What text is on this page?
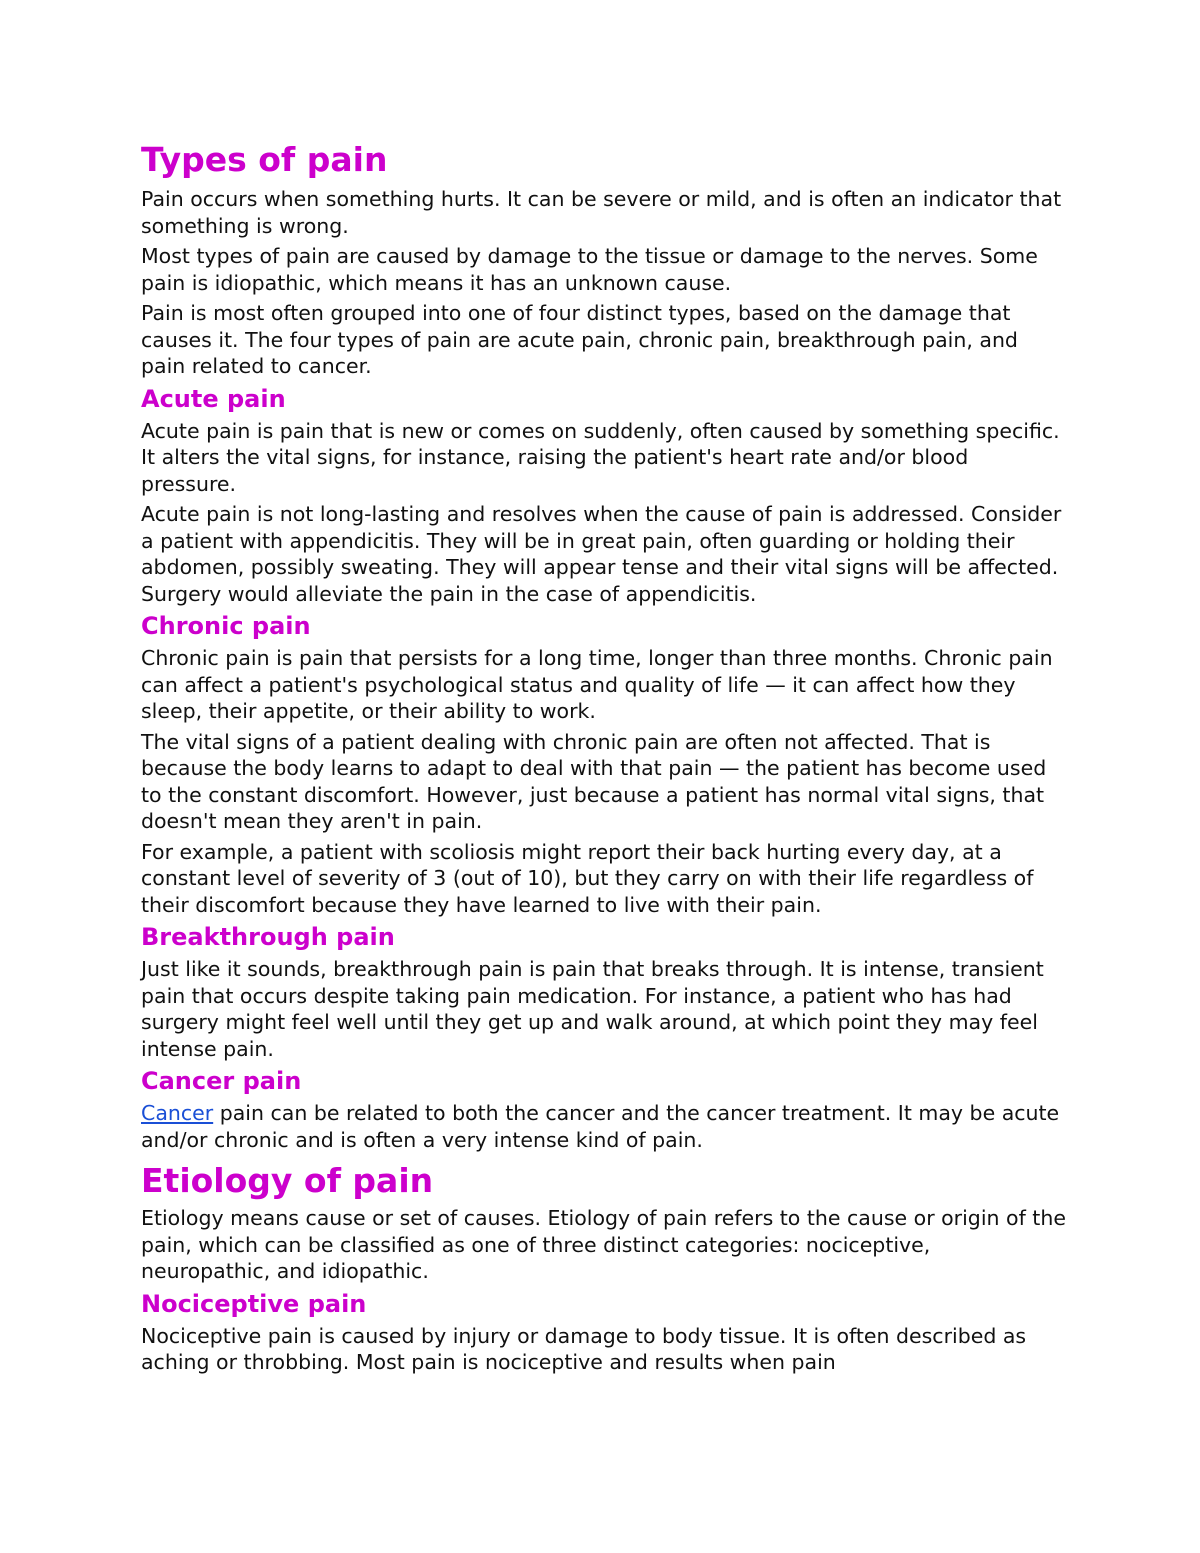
Types of pain
Pain occurs when something hurts. It can be severe or mild, and is often an indicator that something is wrong.
Most types of pain are caused by damage to the tissue or damage to the nerves. Some pain is idiopathic, which means it has an unknown cause.
Pain is most often grouped into one of four distinct types, based on the damage that causes it. The four types of pain are acute pain, chronic pain, breakthrough pain, and pain related to cancer.
Acute pain
Acute pain is pain that is new or comes on suddenly, often caused by something specific. It alters the vital signs, for instance, raising the patient's heart rate and/or blood pressure.
Acute pain is not long-lasting and resolves when the cause of pain is addressed. Consider a patient with appendicitis. They will be in great pain, often guarding or holding their abdomen, possibly sweating. They will appear tense and their vital signs will be affected. Surgery would alleviate the pain in the case of appendicitis.
Chronic pain
Chronic pain is pain that persists for a long time, longer than three months. Chronic pain can affect a patient's psychological status and quality of life — it can affect how they sleep, their appetite, or their ability to work.
The vital signs of a patient dealing with chronic pain are often not affected. That is because the body learns to adapt to deal with that pain — the patient has become used to the constant discomfort. However, just because a patient has normal vital signs, that doesn't mean they aren't in pain.
For example, a patient with scoliosis might report their back hurting every day, at a constant level of severity of 3 (out of 10), but they carry on with their life regardless of their discomfort because they have learned to live with their pain.
Breakthrough pain
Just like it sounds, breakthrough pain is pain that breaks through. It is intense, transient pain that occurs despite taking pain medication. For instance, a patient who has had surgery might feel well until they get up and walk around, at which point they may feel intense pain.
Cancer pain
Cancer pain can be related to both the cancer and the cancer treatment. It may be acute and/or chronic and is often a very intense kind of pain.
Etiology of pain
Etiology means cause or set of causes. Etiology of pain refers to the cause or origin of the pain, which can be classified as one of three distinct categories: nociceptive, neuropathic, and idiopathic.
Nociceptive pain
Nociceptive pain is caused by injury or damage to body tissue. It is often described as aching or throbbing. Most pain is nociceptive and results when pain
